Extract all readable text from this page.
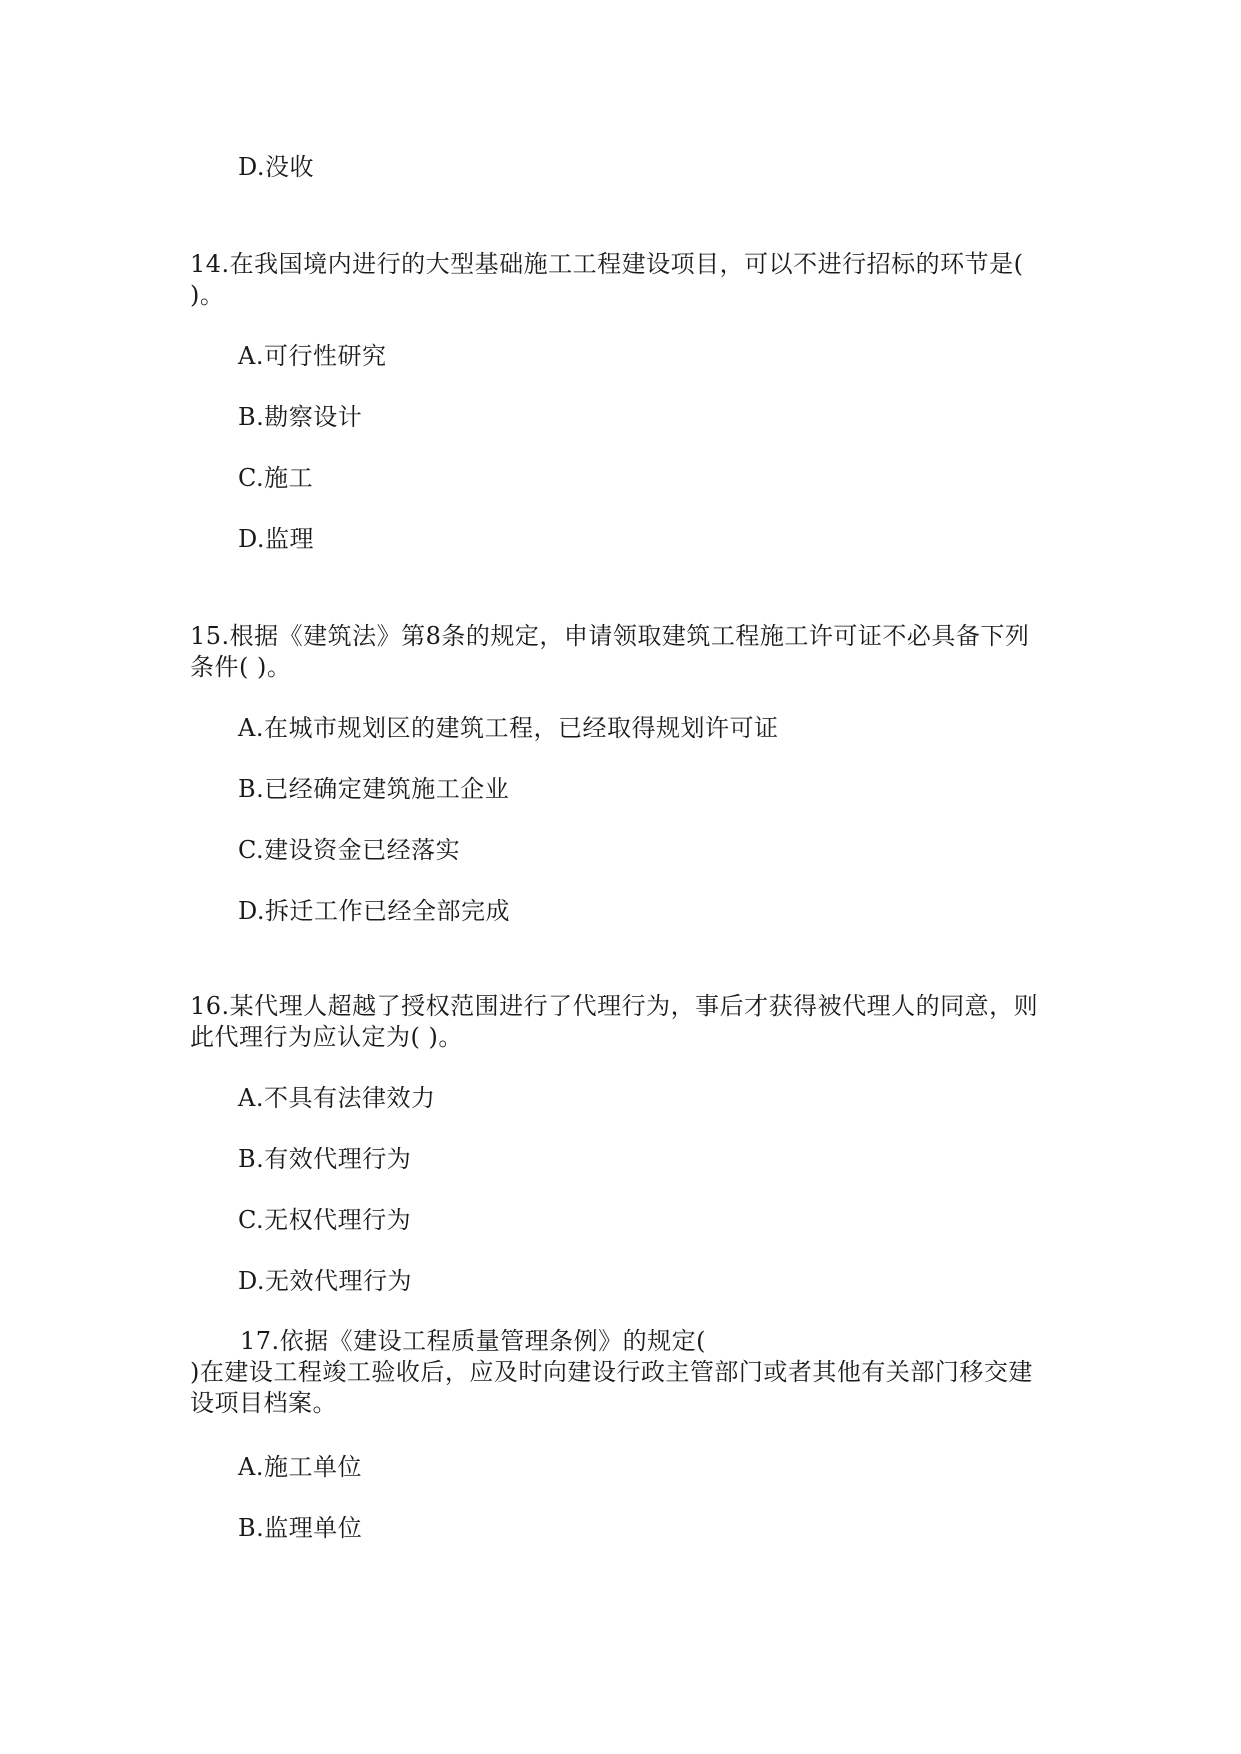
D.没收
14.在我国境内进行的大型基础施工工程建设项目，可以不进行招标的环节是(
)。
A.可行性研究
B.勘察设计
C.施工
D.监理
15.根据《建筑法》第8条的规定，申请领取建筑工程施工许可证不必具备下列
条件( )。
A.在城市规划区的建筑工程，已经取得规划许可证
B.已经确定建筑施工企业
C.建设资金已经落实
D.拆迁工作已经全部完成
16.某代理人超越了授权范围进行了代理行为，事后才获得被代理人的同意，则
此代理行为应认定为( )。
A.不具有法律效力
B.有效代理行为
C.无权代理行为
D.无效代理行为
17.依据《建设工程质量管理条例》的规定(
)在建设工程竣工验收后，应及时向建设行政主管部门或者其他有关部门移交建
设项目档案。
A.施工单位
B.监理单位
